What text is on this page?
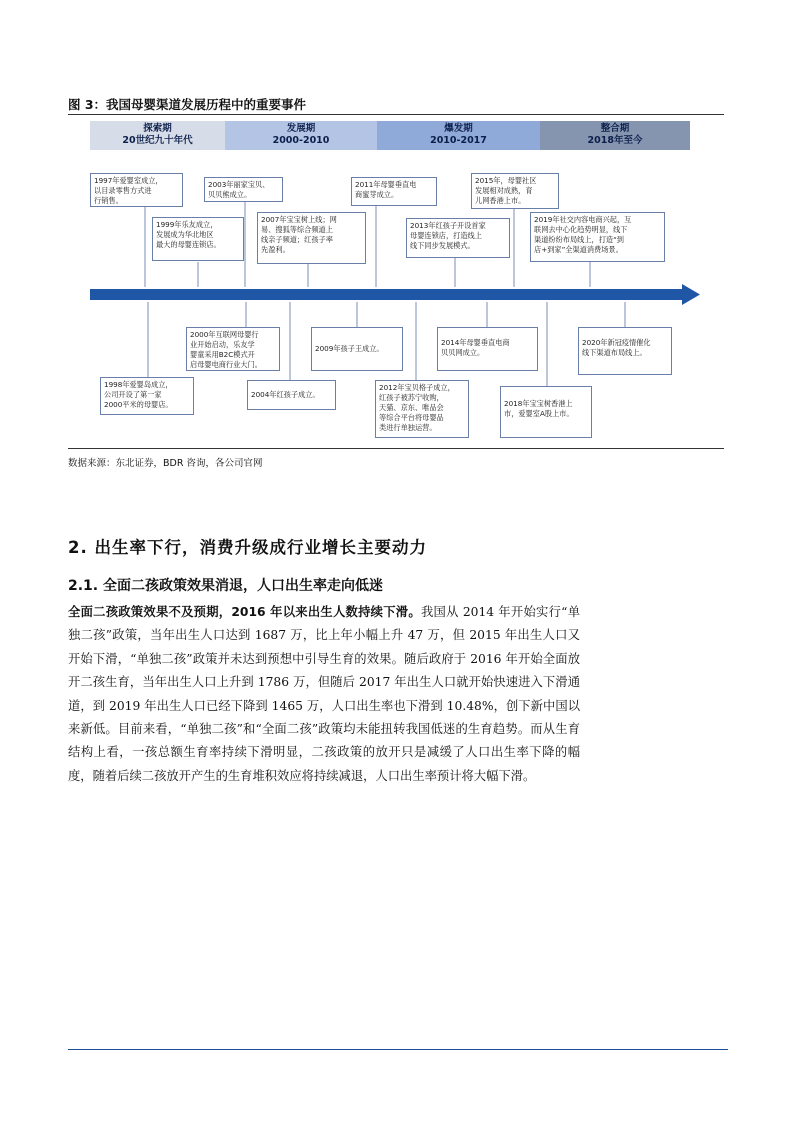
图 3：我国母婴渠道发展历程中的重要事件
探索期
20世纪九十年代
发展期
2000-2010
爆发期
2010-2017
整合期
2018年至今
1997年爱婴室成立，
以目录零售方式进
行销售。
1999年乐友成立，
发展成为华北地区
最大的母婴连锁店。
2003年丽家宝贝、
贝贝熊成立。
2007年宝宝树上线；网
易、搜狐等综合频道上
线亲子频道；红孩子率
先盈利。
2011年母婴垂直电
商蜜芽成立。
2013年红孩子开设首家
母婴连锁店，打造线上
线下同步发展模式。
2015年，母婴社区
发展相对成熟，育
儿网香港上市。
2019年社交内容电商兴起，互
联网去中心化趋势明显，线下
渠道纷纷布局线上，打造“到
店+到家”全渠道消费场景。
2000年互联网母婴行
业开始启动，乐友学
婴童采用B2C模式开
启母婴电商行业大门。
1998年爱婴岛成立，
公司开设了第一家
2000平米的母婴店。
2004年红孩子成立。
2009年孩子王成立。
2012年宝贝格子成立，
红孩子被苏宁收购，
天猫、京东、唯品会
等综合平台将母婴品
类进行单独运营。
2014年母婴垂直电商
贝贝网成立。
2018年宝宝树香港上
市，爱婴室A股上市。
2020年新冠疫情催化
线下渠道布局线上。
数据来源：东北证券，BDR 咨询，各公司官网
2. 出生率下行，消费升级成行业增长主要动力
2.1. 全面二孩政策效果消退，人口出生率走向低迷
全面二孩政策效果不及预期，2016 年以来出生人数持续下滑。我国从 2014 年开始实行“单独二孩”政策，当年出生人口达到 1687 万，比上年小幅上升 47 万，但 2015 年出生人口又开始下滑，“单独二孩”政策并未达到预想中引导生育的效果。随后政府于 2016 年开始全面放开二孩生育，当年出生人口上升到 1786 万，但随后 2017 年出生人口就开始快速进入下滑通道，到 2019 年出生人口已经下降到 1465 万，人口出生率也下滑到 10.48%，创下新中国以来新低。目前来看，“单独二孩”和“全面二孩”政策均未能扭转我国低迷的生育趋势。而从生育结构上看，一孩总额生育率持续下滑明显，二孩政策的放开只是减缓了人口出生率下降的幅度，随着后续二孩放开产生的生育堆积效应将持续减退，人口出生率预计将大幅下滑。
